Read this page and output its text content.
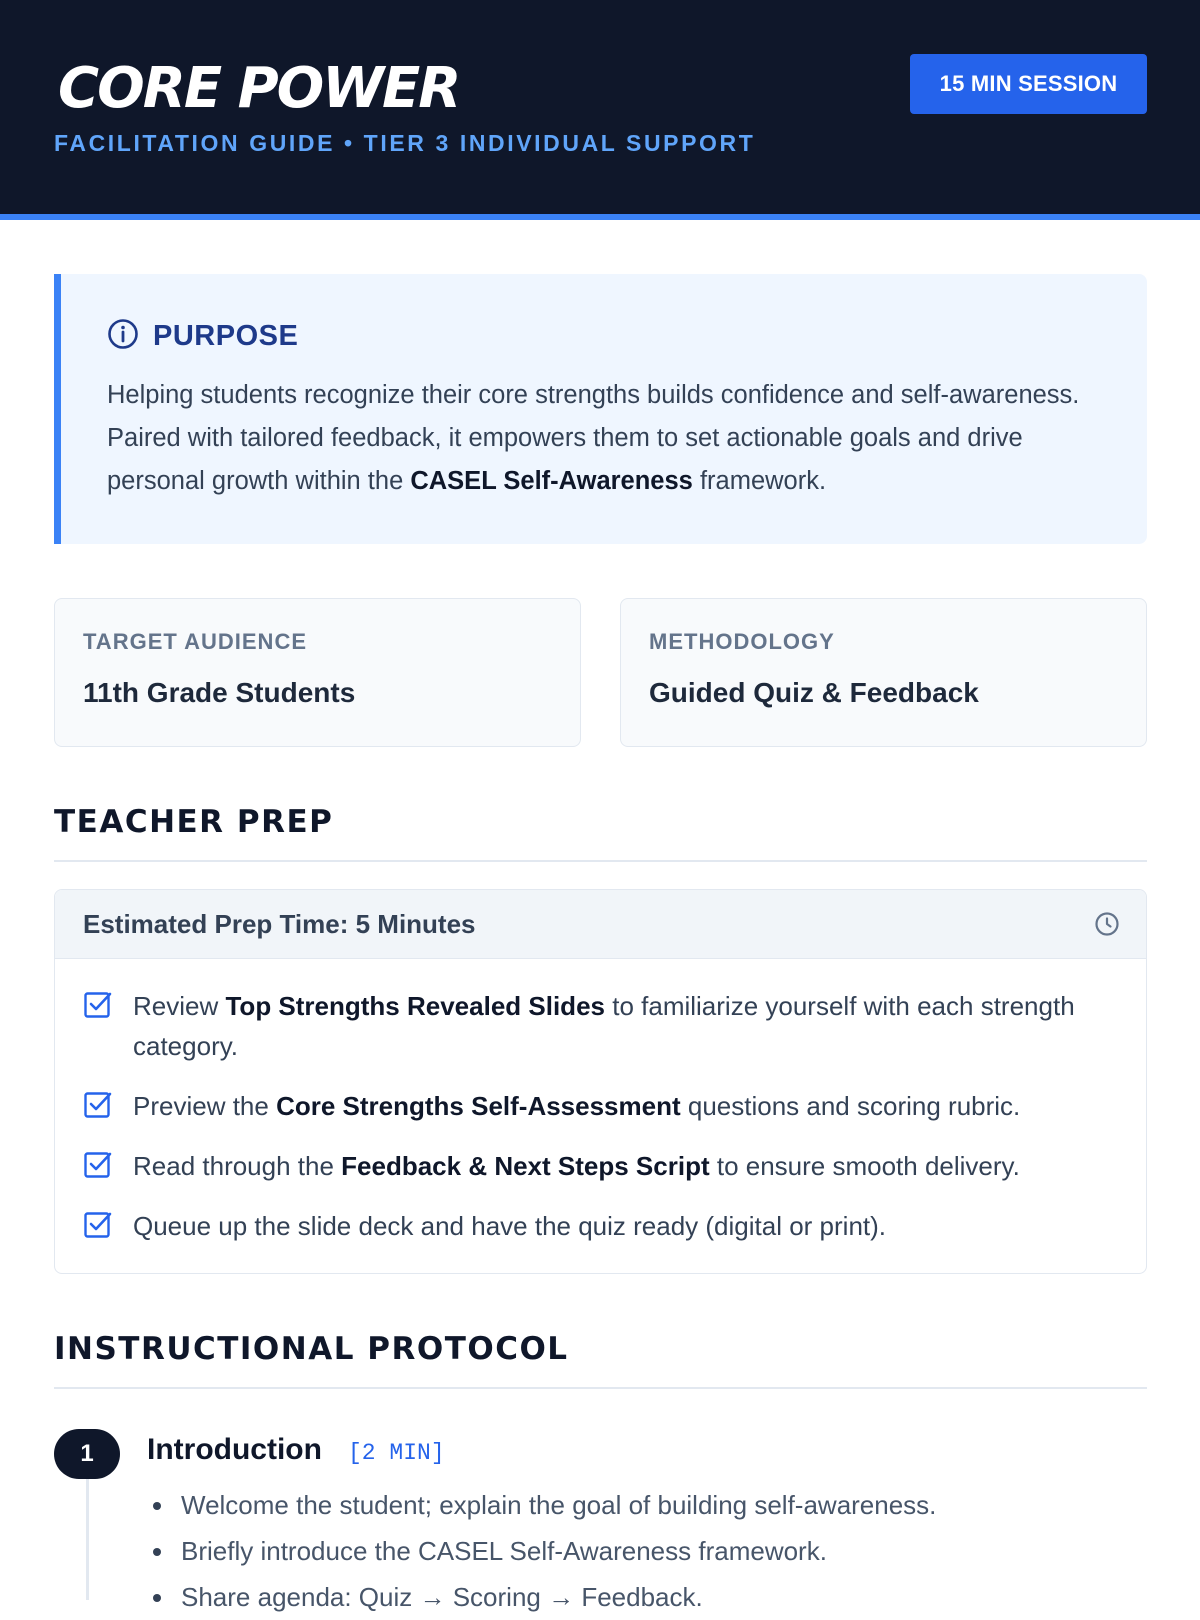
CORE POWER
FACILITATION GUIDE • TIER 3 INDIVIDUAL SUPPORT
15 MIN SESSION
PURPOSE

Helping students recognize their core strengths builds confidence and self-awareness. Paired with tailored feedback, it empowers them to set actionable goals and drive personal growth within the CASEL Self-Awareness framework.

TARGET AUDIENCE
11th Grade Students
METHODOLOGY
Guided Quiz & Feedback
TEACHER PREP
Estimated Prep Time: 5 Minutes
Review Top Strengths Revealed Slides to familiarize yourself with each strength category.
Preview the Core Strengths Self-Assessment questions and scoring rubric.
Read through the Feedback & Next Steps Script to ensure smooth delivery.
Queue up the slide deck and have the quiz ready (digital or print).
INSTRUCTIONAL PROTOCOL
1	Introduction [2 MIN]
Welcome the student; explain the goal of building self-awareness.
Briefly introduce the CASEL Self-Awareness framework.
Share agenda: Quiz → Scoring → Feedback.
